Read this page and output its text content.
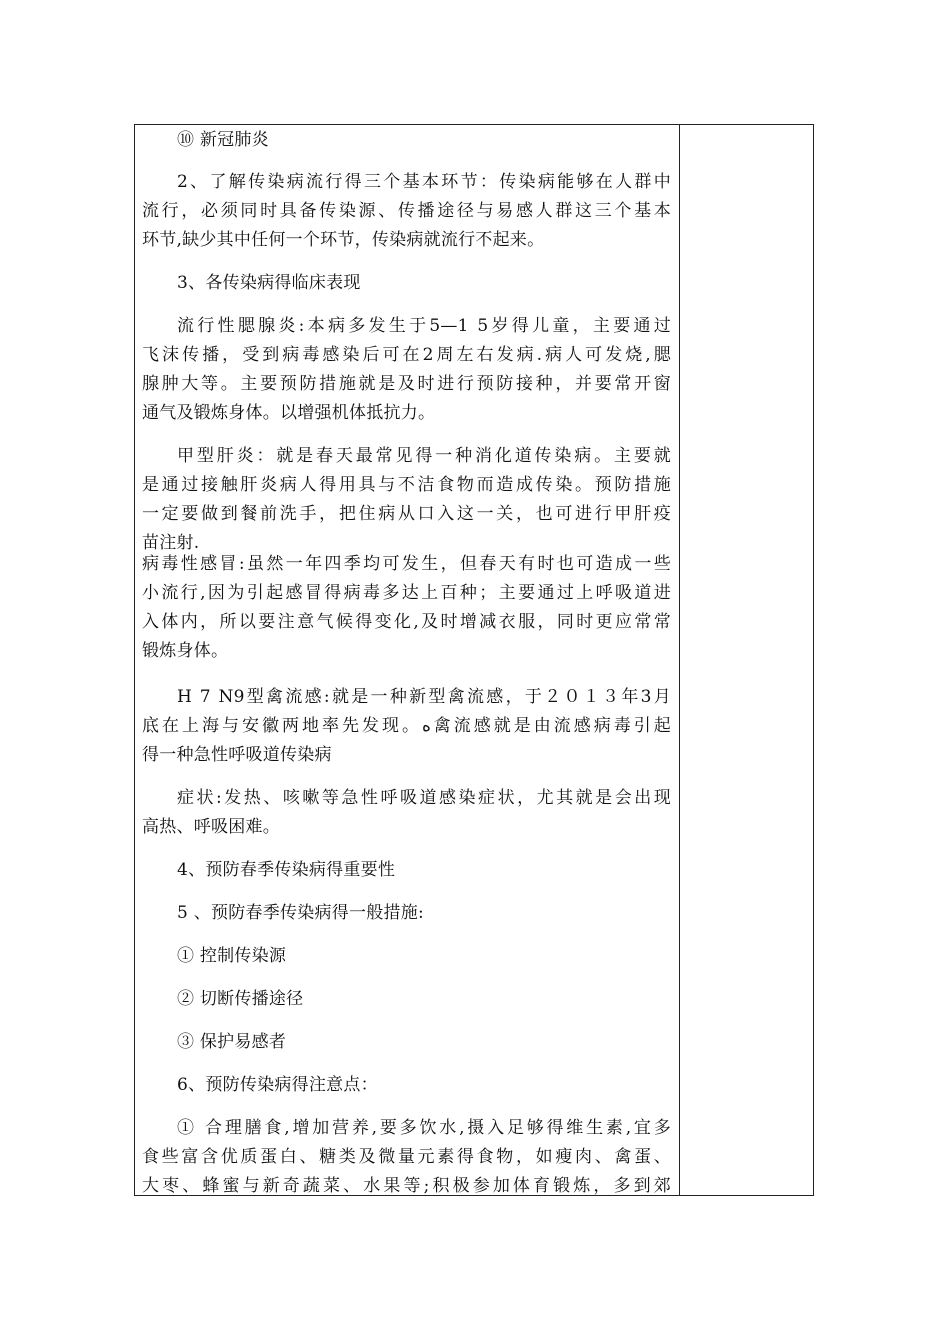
⑩ 新冠肺炎
2、了解传染病流行得三个基本环节：传染病能够在人群中
流行，必须同时具备传染源、传播途径与易感人群这三个基本
环节,缺少其中任何一个环节，传染病就流行不起来。
3、各传染病得临床表现
流行性腮腺炎:本病多发生于5—1 5岁得儿童，主要通过
飞沫传播，受到病毒感染后可在2周左右发病.病人可发烧,腮
腺肿大等。主要预防措施就是及时进行预防接种，并要常开窗
通气及锻炼身体。以增强机体抵抗力。
甲型肝炎：就是春天最常见得一种消化道传染病。主要就
是通过接触肝炎病人得用具与不洁食物而造成传染。预防措施
一定要做到餐前洗手，把住病从口入这一关，也可进行甲肝疫
苗注射.
病毒性感冒:虽然一年四季均可发生，但春天有时也可造成一些
小流行,因为引起感冒得病毒多达上百种；主要通过上呼吸道进
入体内，所以要注意气候得变化,及时增减衣服，同时更应常常
锻炼身体。
H 7 N9型禽流感:就是一种新型禽流感，于２０１３年3月
底在上海与安徽两地率先发现。ﻩ禽流感就是由流感病毒引起
得一种急性呼吸道传染病
症状:发热、咳嗽等急性呼吸道感染症状，尤其就是会出现
高热、呼吸困难。
4、预防春季传染病得重要性
5 、预防春季传染病得一般措施:
① 控制传染源
② 切断传播途径
③ 保护易感者
6、预防传染病得注意点：
① 合理膳食,增加营养,要多饮水,摄入足够得维生素,宜多
食些富含优质蛋白、糖类及微量元素得食物，如瘦肉、禽蛋、
大枣、蜂蜜与新奇蔬菜、水果等;积极参加体育锻炼，多到郊
